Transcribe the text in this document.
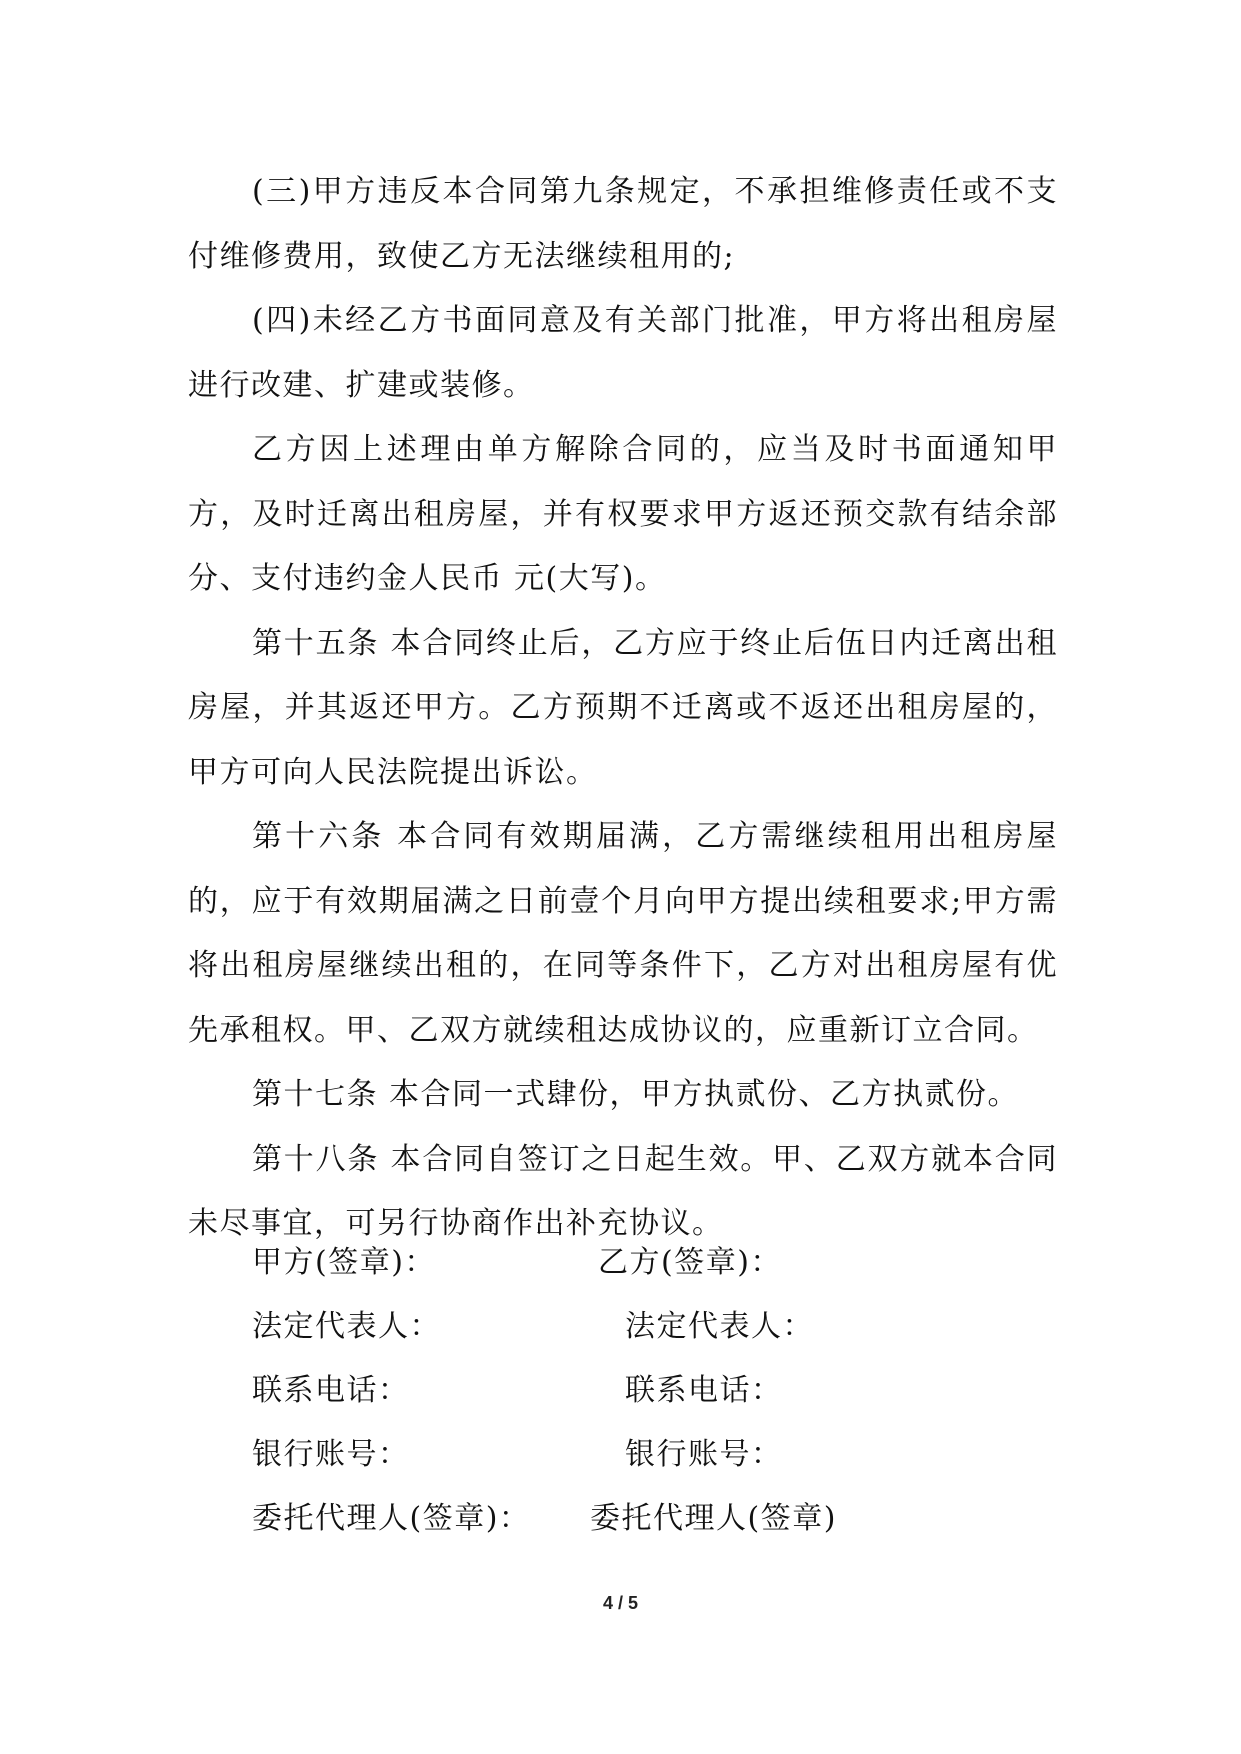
(三)甲方违反本合同第九条规定，不承担维修责任或不支付维修费用，致使乙方无法继续租用的;

(四)未经乙方书面同意及有关部门批准，甲方将出租房屋进行改建、扩建或装修。

乙方因上述理由单方解除合同的，应当及时书面通知甲方，及时迁离出租房屋，并有权要求甲方返还预交款有结余部分、支付违约金人民币 元(大写)。

第十五条 本合同终止后，乙方应于终止后伍日内迁离出租房屋，并其返还甲方。乙方预期不迁离或不返还出租房屋的，甲方可向人民法院提出诉讼。

第十六条 本合同有效期届满，乙方需继续租用出租房屋的，应于有效期届满之日前壹个月向甲方提出续租要求;甲方需将出租房屋继续出租的，在同等条件下，乙方对出租房屋有优先承租权。甲、乙双方就续租达成协议的，应重新订立合同。

第十七条 本合同一式肆份，甲方执贰份、乙方执贰份。

第十八条 本合同自签订之日起生效。甲、乙双方就本合同未尽事宜，可另行协商作出补充协议。

甲方(签章)：	乙方(签章)：
法定代表人：	法定代表人：
联系电话：	联系电话：
银行账号：	银行账号：
委托代理人(签章)： 委托代理人(签章)
4 / 5
